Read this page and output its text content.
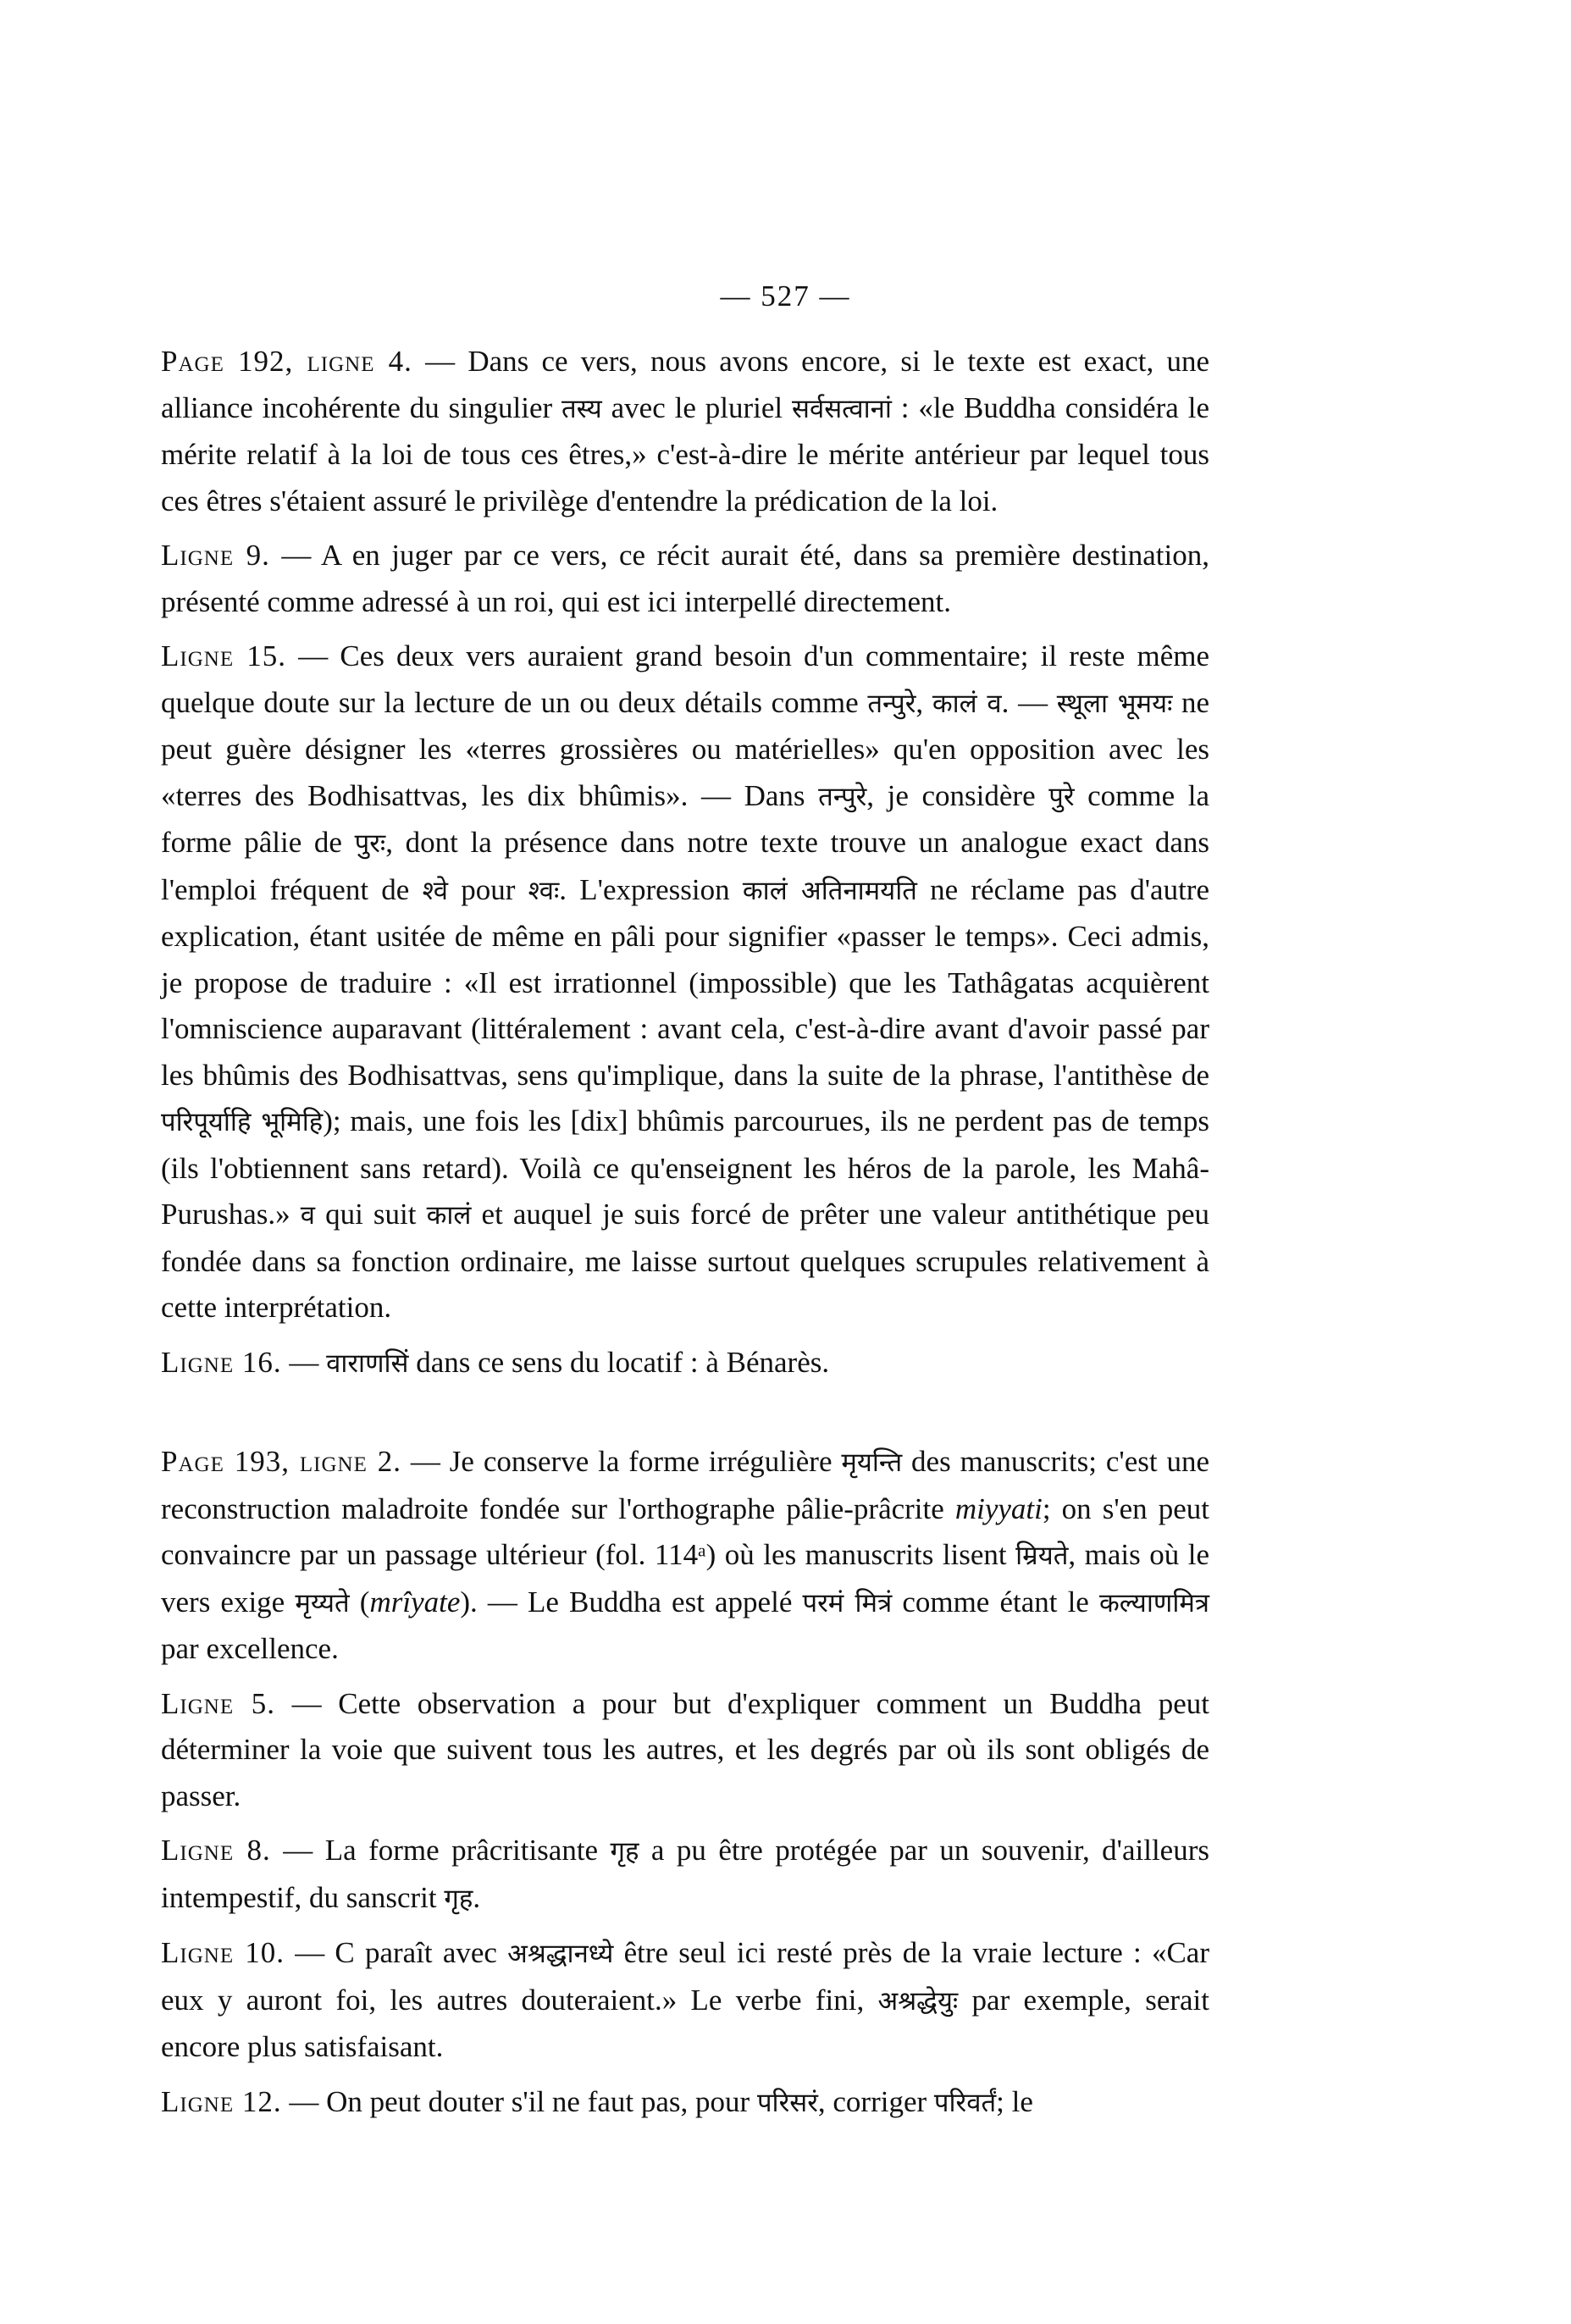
— 527 —

Page 192, ligne 4. — Dans ce vers, nous avons encore, si le texte est exact, une alliance incohérente du singulier तस्य avec le pluriel सर्वसत्वानां : «le Buddha considéra le mérite relatif à la loi de tous ces êtres,» c'est-à-dire le mérite antérieur par lequel tous ces êtres s'étaient assuré le privilège d'entendre la prédication de la loi.

Ligne 9. — A en juger par ce vers, ce récit aurait été, dans sa première destination, présenté comme adressé à un roi, qui est ici interpellé directement.

Ligne 15. — Ces deux vers auraient grand besoin d'un commentaire; il reste même quelque doute sur la lecture de un ou deux détails comme तन्पुरे, कालं व. — स्थूला भूमयः ne peut guère désigner les «terres grossières ou matérielles» qu'en opposition avec les «terres des Bodhisattvas, les dix bhûmis». — Dans तन्पुरे, je considère पुरे comme la forme pâlie de पुरः, dont la présence dans notre texte trouve un analogue exact dans l'emploi fréquent de श्वे pour श्वः. L'expression कालं अतिनामयति ne réclame pas d'autre explication, étant usitée de même en pâli pour signifier «passer le temps». Ceci admis, je propose de traduire : «Il est irrationnel (impossible) que les Tathâgatas acquièrent l'omniscience auparavant (littéralement : avant cela, c'est-à-dire avant d'avoir passé par les bhûmis des Bodhisattvas, sens qu'implique, dans la suite de la phrase, l'antithèse de परिपूर्याहि भूमिहि); mais, une fois les [dix] bhûmis parcourues, ils ne perdent pas de temps (ils l'obtiennent sans retard). Voilà ce qu'enseignent les héros de la parole, les Mahâ-Purushas.» व qui suit कालं et auquel je suis forcé de prêter une valeur antithétique peu fondée dans sa fonction ordinaire, me laisse surtout quelques scrupules relativement à cette interprétation.

Ligne 16. — वाराणसिं dans ce sens du locatif : à Bénarès.

Page 193, ligne 2. — Je conserve la forme irrégulière मृयन्ति des manuscrits; c'est une reconstruction maladroite fondée sur l'orthographe pâlie-prâcrite miyyati; on s'en peut convaincre par un passage ultérieur (fol. 114ᵃ) où les manuscrits lisent म्रियते, mais où le vers exige मृय्यते (mrîyate). — Le Buddha est appelé परमं मित्रं comme étant le कल्याणमित्र par excellence.

Ligne 5. — Cette observation a pour but d'expliquer comment un Buddha peut déterminer la voie que suivent tous les autres, et les degrés par où ils sont obligés de passer.

Ligne 8. — La forme prâcritisante गृह a pu être protégée par un souvenir, d'ailleurs intempestif, du sanscrit गृह.

Ligne 10. — C paraît avec अश्रद्धानध्ये être seul ici resté près de la vraie lecture : «Car eux y auront foi, les autres douteraient.» Le verbe fini, अश्रद्धेयुः par exemple, serait encore plus satisfaisant.

Ligne 12. — On peut douter s'il ne faut pas, pour परिसरं, corriger परिवर्तं; le
